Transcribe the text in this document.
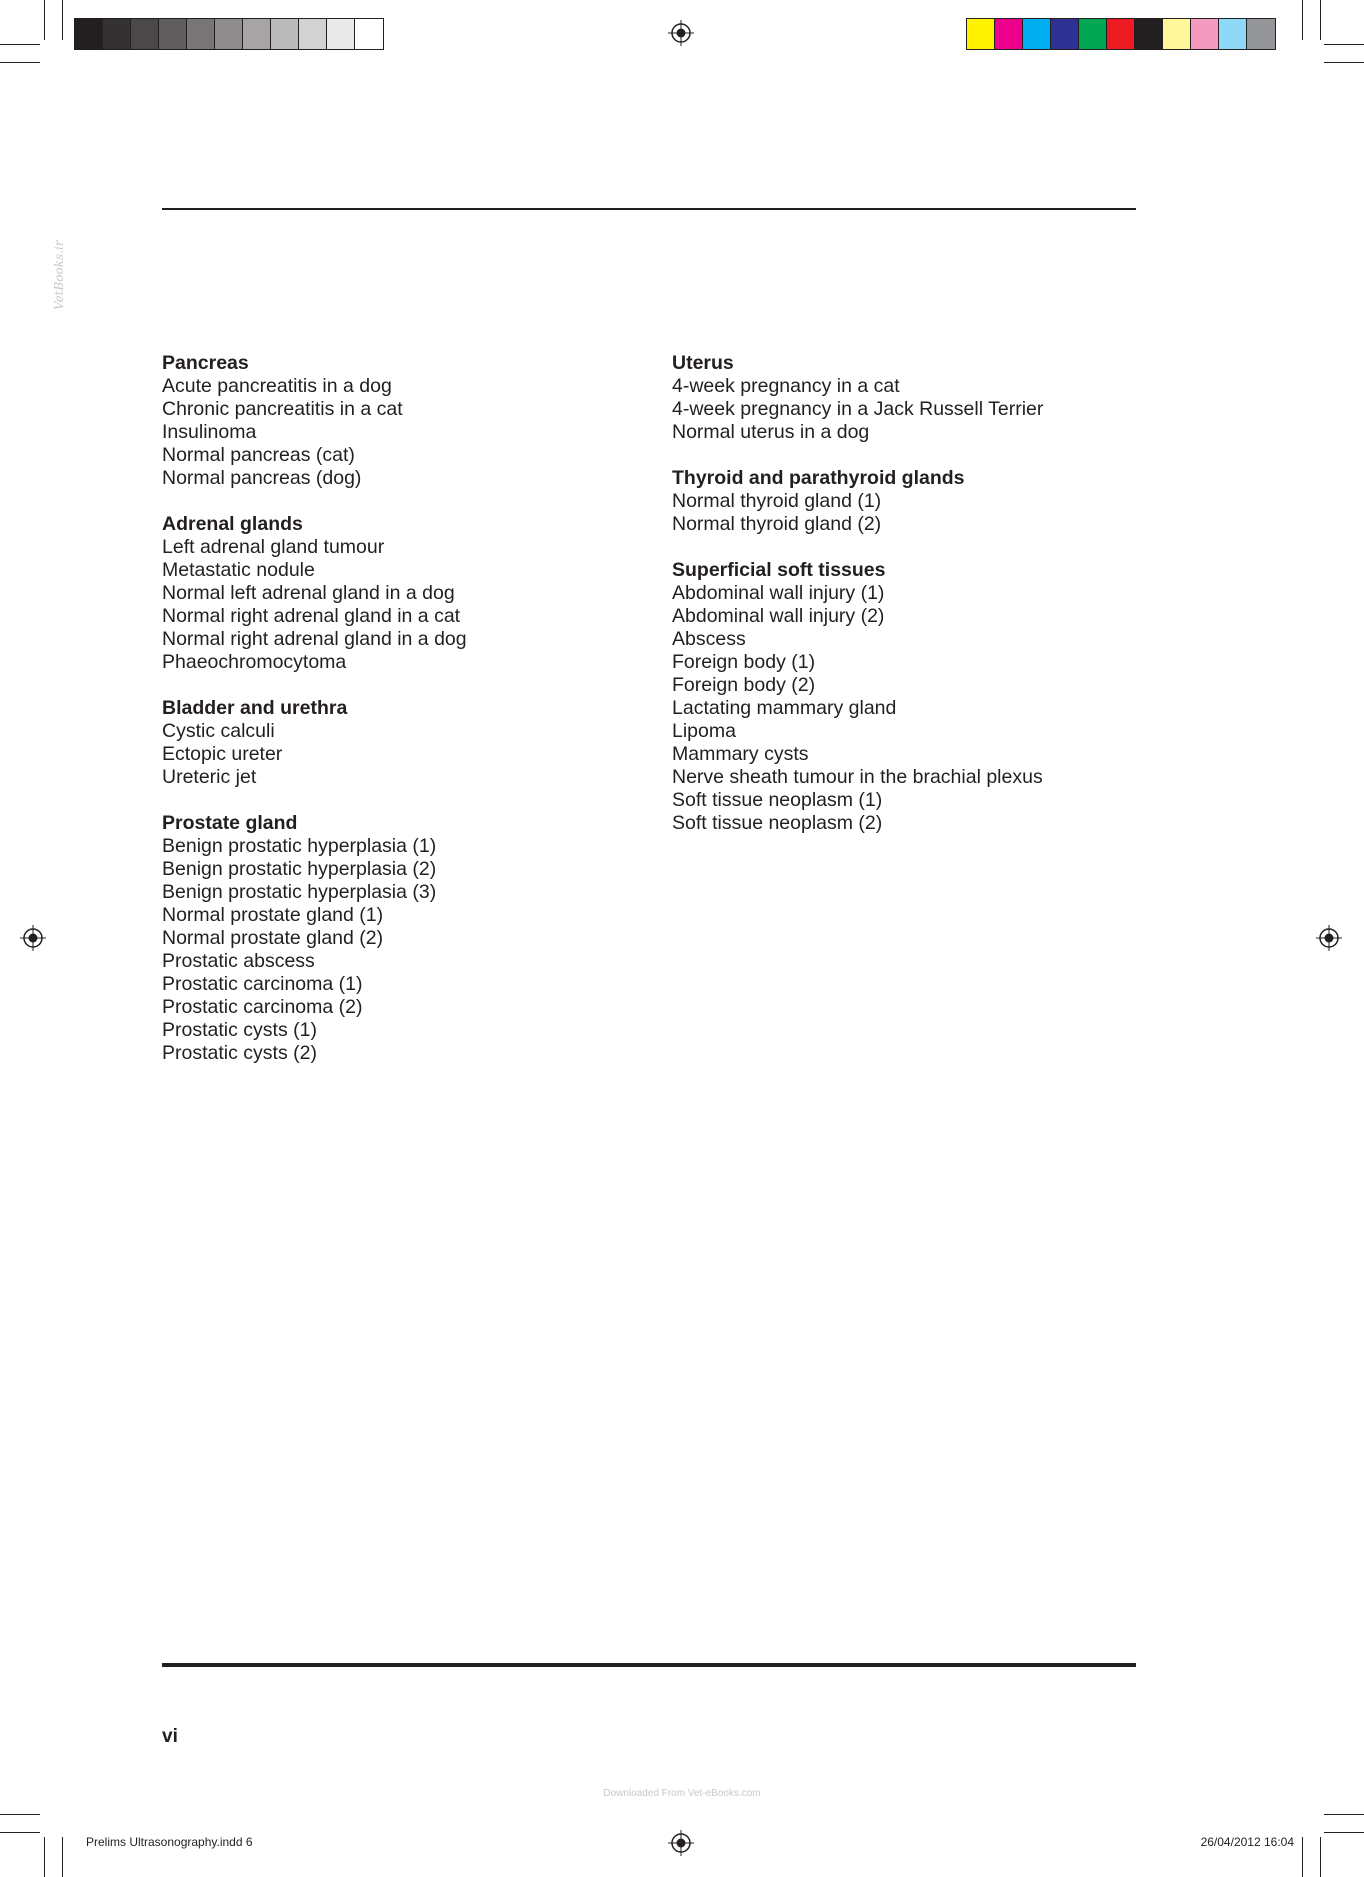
VetBooks.ir
Pancreas
Acute pancreatitis in a dog
Chronic pancreatitis in a cat
Insulinoma
Normal pancreas (cat)
Normal pancreas (dog)
Adrenal glands
Left adrenal gland tumour
Metastatic nodule
Normal left adrenal gland in a dog
Normal right adrenal gland in a cat
Normal right adrenal gland in a dog
Phaeochromocytoma
Bladder and urethra
Cystic calculi
Ectopic ureter
Ureteric jet
Prostate gland
Benign prostatic hyperplasia (1)
Benign prostatic hyperplasia (2)
Benign prostatic hyperplasia (3)
Normal prostate gland (1)
Normal prostate gland (2)
Prostatic abscess
Prostatic carcinoma (1)
Prostatic carcinoma (2)
Prostatic cysts (1)
Prostatic cysts (2)
Uterus
4-week pregnancy in a cat
4-week pregnancy in a Jack Russell Terrier
Normal uterus in a dog
Thyroid and parathyroid glands
Normal thyroid gland (1)
Normal thyroid gland (2)
Superficial soft tissues
Abdominal wall injury (1)
Abdominal wall injury (2)
Abscess
Foreign body (1)
Foreign body (2)
Lactating mammary gland
Lipoma
Mammary cysts
Nerve sheath tumour in the brachial plexus
Soft tissue neoplasm (1)
Soft tissue neoplasm (2)
vi
Downloaded From Vet-eBooks.com
Prelims Ultrasonography.indd 6	26/04/2012 16:04
